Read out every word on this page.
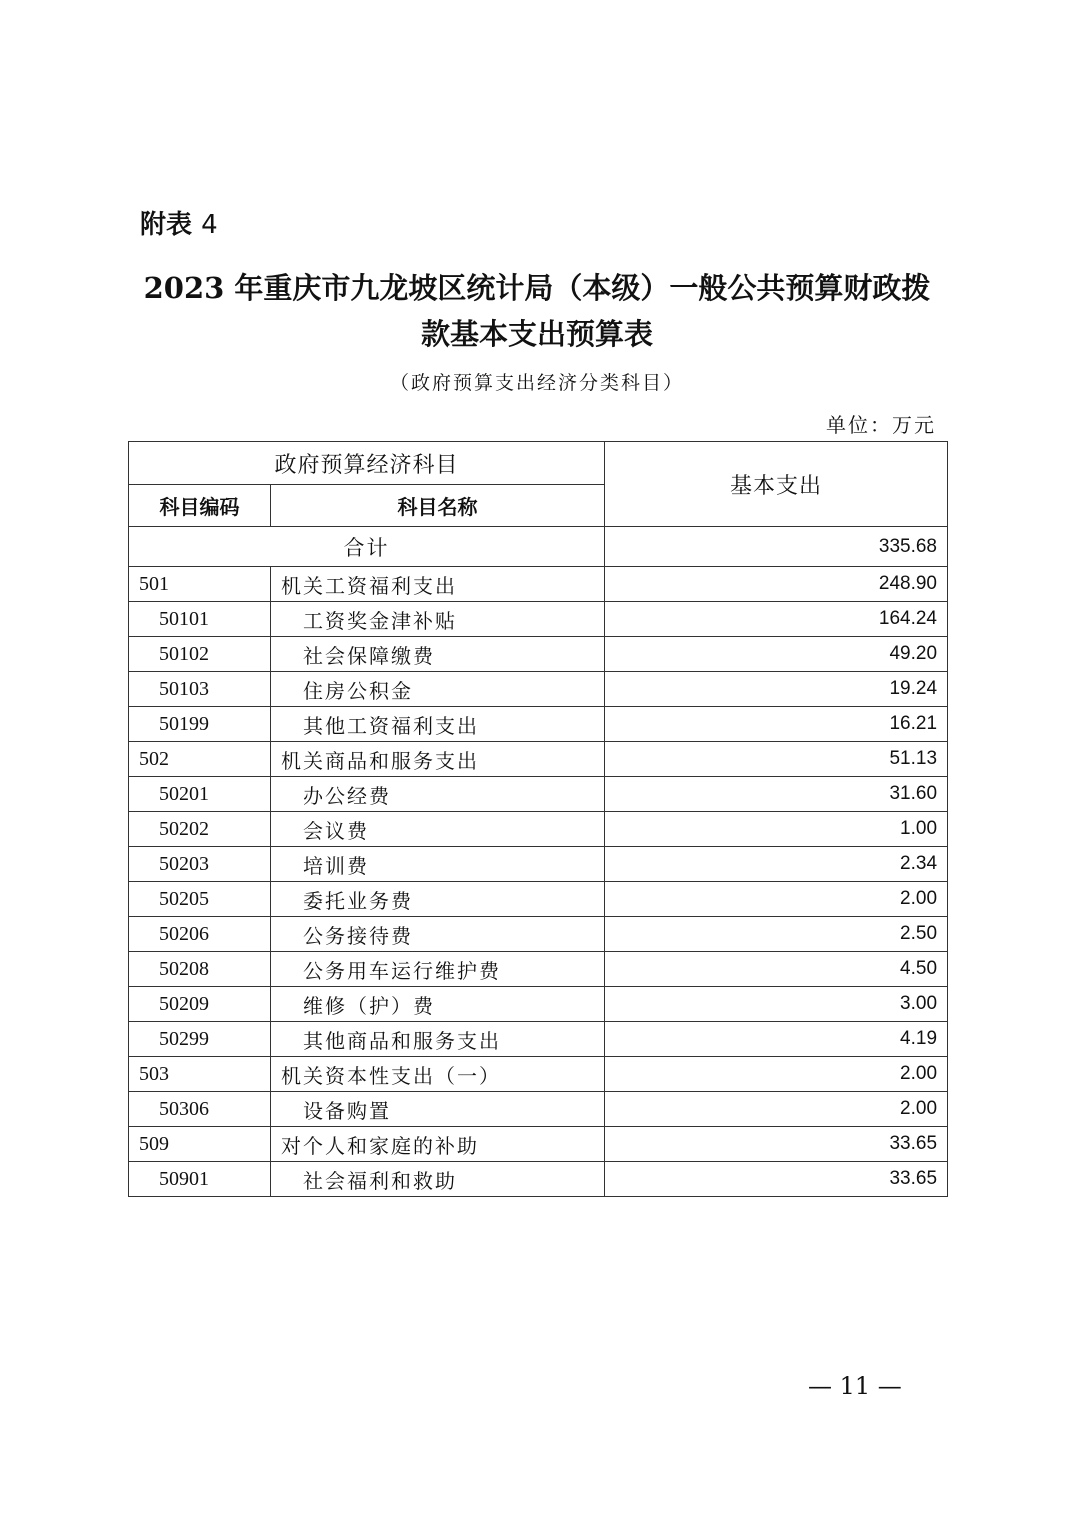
附表 4
2023 年重庆市九龙坡区统计局（本级）一般公共预算财政拨
款基本支出预算表
（政府预算支出经济分类科目）
单位：万元
政府预算经济科目		基本支出
科目编码	科目名称	
合计		335.68
501	机关工资福利支出	248.90
50101	工资奖金津补贴	164.24
50102	社会保障缴费	49.20
50103	住房公积金	19.24
50199	其他工资福利支出	16.21
502	机关商品和服务支出	51.13
50201	办公经费	31.60
50202	会议费	1.00
50203	培训费	2.34
50205	委托业务费	2.00
50206	公务接待费	2.50
50208	公务用车运行维护费	4.50
50209	维修（护）费	3.00
50299	其他商品和服务支出	4.19
503	机关资本性支出（一）	2.00
50306	设备购置	2.00
509	对个人和家庭的补助	33.65
50901	社会福利和救助	33.65
— 11 —
